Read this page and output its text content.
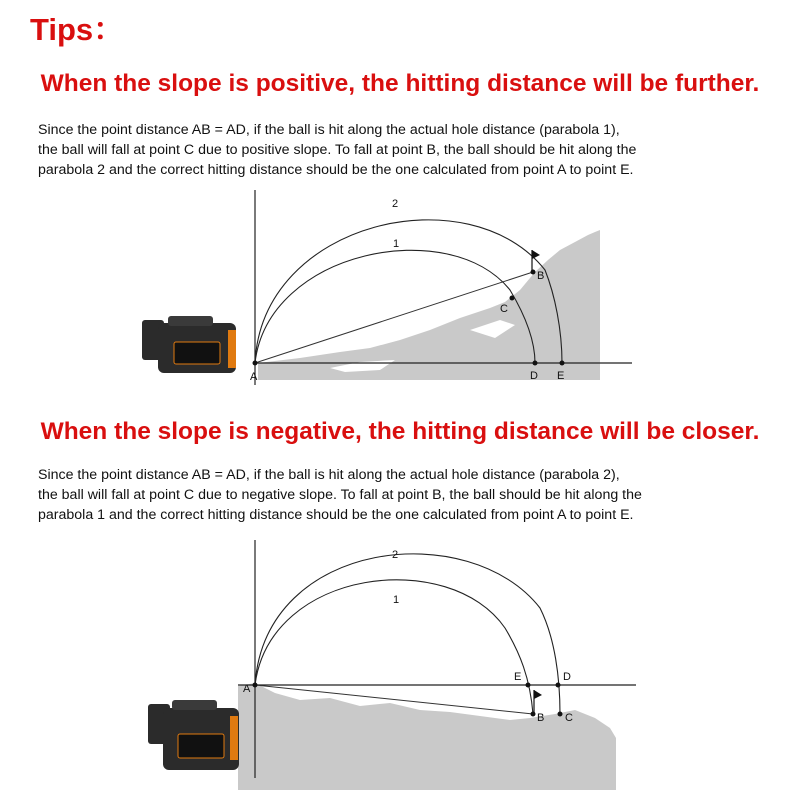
Tips：
When the slope is positive, the hitting distance will be further.

Since the point distance AB = AD, if the ball is hit along the actual hole distance (parabola 1),
the ball will fall at point C due to positive slope. To fall at point B, the ball should be hit along the
parabola 2 and the correct hitting distance should be the one calculated from point A to point E.

2
1
A
B
C
D E
When the slope is negative, the hitting distance will be closer.

Since the point distance AB = AD, if the ball is hit along the actual hole distance (parabola 2),
the ball will fall at point C due to negative slope. To fall at point B, the ball should be hit along the
parabola 1 and the correct hitting distance should be the one calculated from point A to point E.

2
1
A
B C
D
E
